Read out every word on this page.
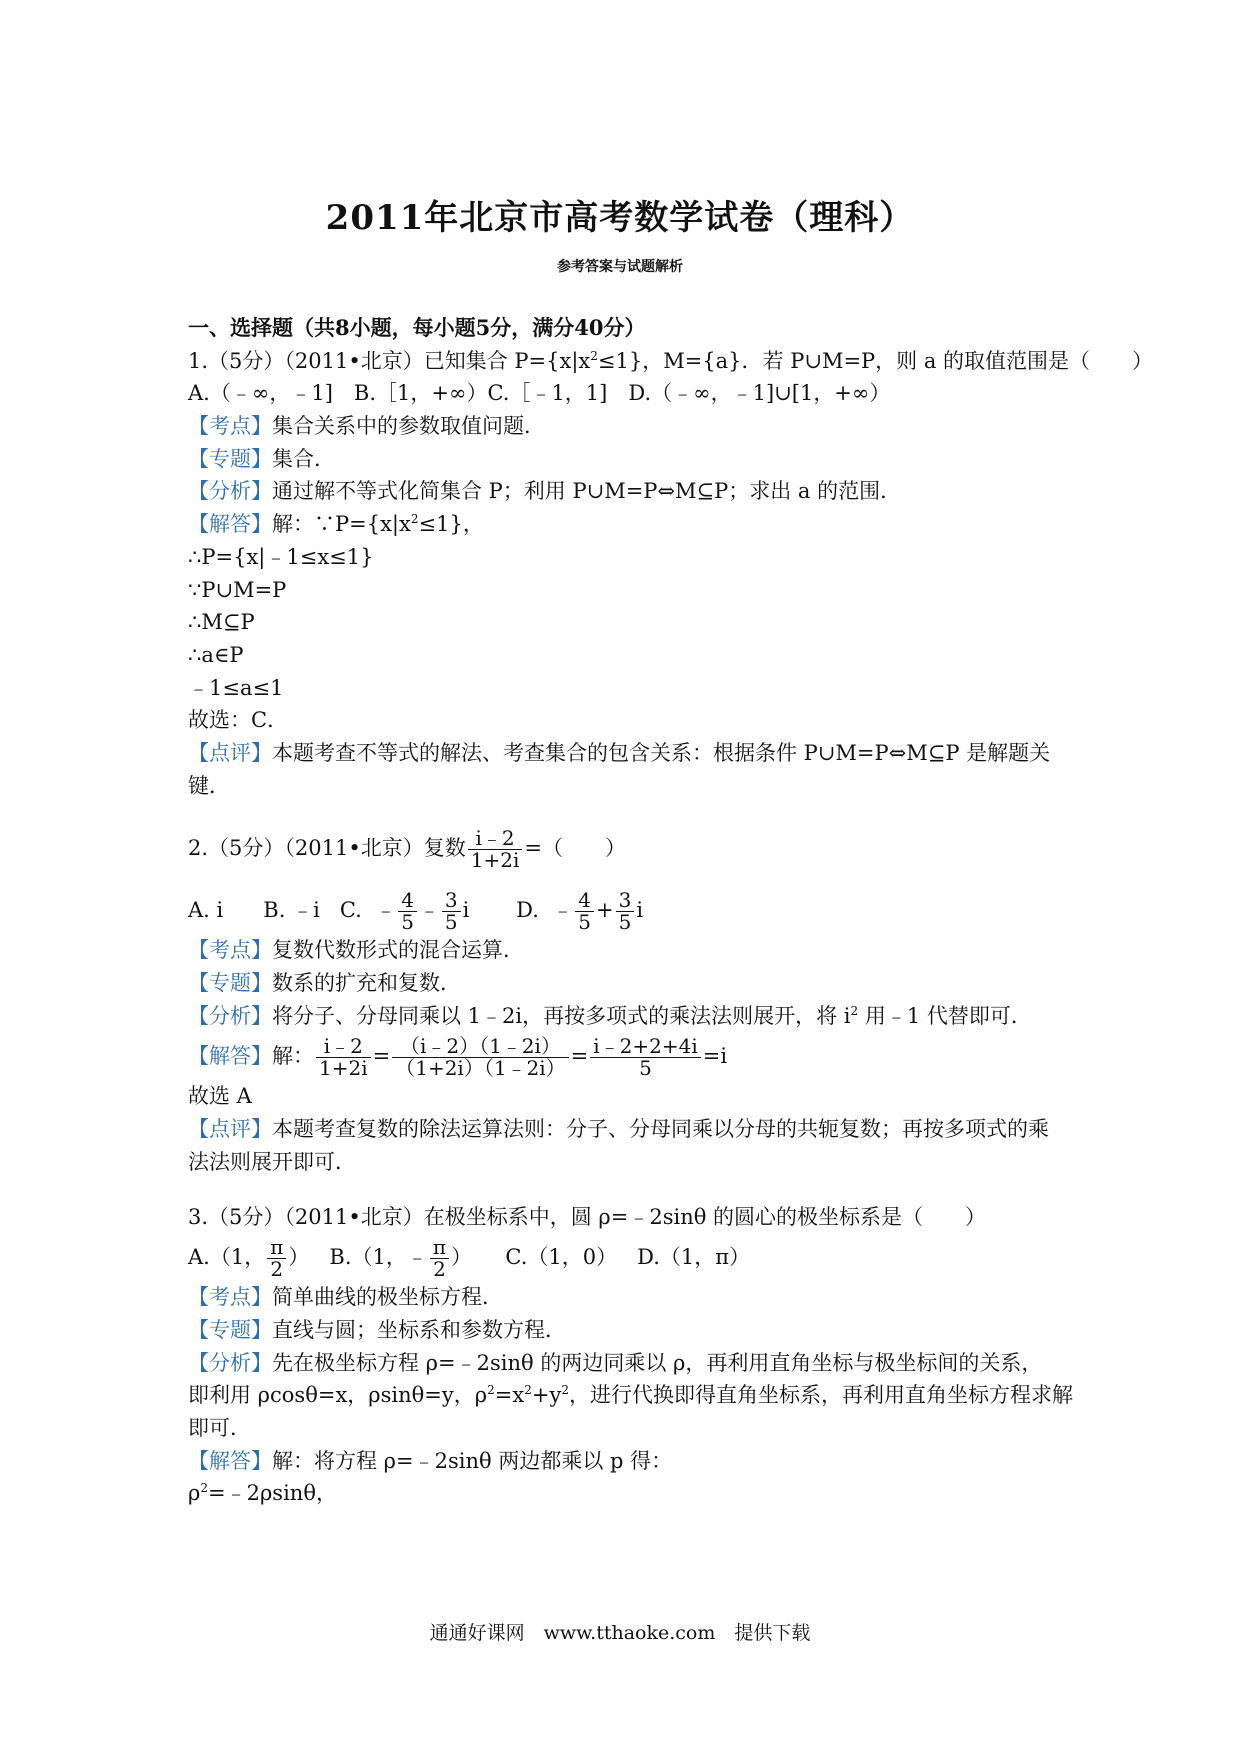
2011年北京市高考数学试卷（理科）
参考答案与试题解析
一、选择题（共8小题，每小题5分，满分40分）
1.（5分）（2011•北京）已知集合 $P=\{x|x^2\le 1\}$，M={a}．若 P∪M=P，则 a 的取值范围是（　　）
A.（﹣∞，﹣1]　B.［1，+∞）C.［﹣1，1]　D.（﹣∞，﹣1]∪[1，+∞）
【考点】集合关系中的参数取值问题．
【专题】集合．
【分析】通过解不等式化简集合 P；利用 P∪M=P⇔M⊆P；求出 a 的范围．
【解答】解：$\because P=\{x|x^2\le 1\}$，
∴P={x|﹣1≤x≤1}
∵P∪M=P
∴M⊆P
∴a∈P
﹣1≤a≤1
故选：C．
【点评】本题考查不等式的解法、考查集合的包含关系：根据条件 P∪M=P⇔M⊆P 是解题关键．
2.（5分）（2011•北京）复数 $\frac{i﹣2}{1+2i}$ =（　　）
A. i B. ﹣i C. ﹣ $\frac{4}{5}$ ﹣ $\frac{3}{5}$ i D. ﹣ $\frac{4}{5} + \frac{3}{5}$ i
【考点】复数代数形式的混合运算．
【专题】数系的扩充和复数．
【分析】将分子、分母同乘以 1﹣2i，再按多项式的乘法法则展开，将 $i^2$ 用﹣1 代替即可．
【解答】解： $\frac{i﹣2}{1+2i} = \frac{(i﹣2)(1﹣2i)}{(1+2i)(1﹣2i)} = \frac{i﹣2+2+4i}{5} =i$
故选 A
【点评】本题考查复数的除法运算法则：分子、分母同乘以分母的共轭复数；再按多项式的乘法法则展开即可．
3.（5分）（2011•北京）在极坐标系中，圆 ρ=﹣2sinθ 的圆心的极坐标系是（　　）
A.（1， $\frac{\pi}{2}$ ） B.（1，﹣ $\frac{\pi}{2}$ ） C.（1，0） D.（1，π）
【考点】简单曲线的极坐标方程．
【专题】直线与圆；坐标系和参数方程．
【分析】先在极坐标方程 ρ=﹣2sinθ 的两边同乘以 ρ，再利用直角坐标与极坐标间的关系，
即利用 ρcosθ=x，ρsinθ=y，$\rho^2=x^2+y^2$，进行代换即得直角坐标系，再利用直角坐标方程求解
即可．
【解答】解：将方程 ρ=﹣2sinθ 两边都乘以 p 得：
$\rho^2=﹣2\rho\sin\theta$，
通通好课网　www.tthaoke.com　提供下载
